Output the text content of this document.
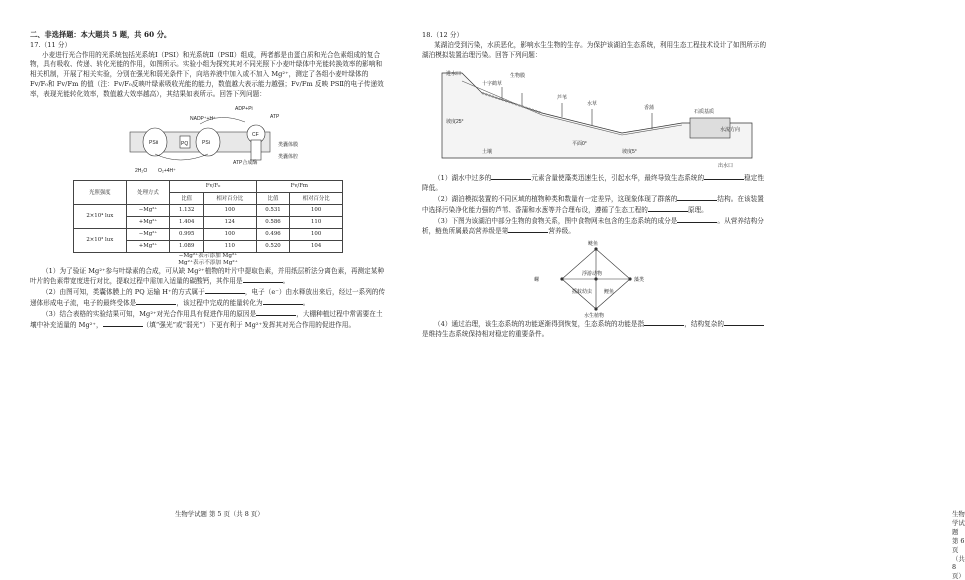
二、非选择题：本大题共 5 题，共 60 分。

17.（11 分）

小麦进行光合作用的光系统包括光系统Ⅰ（PSⅠ）和光系统Ⅱ（PSⅡ）组成，两者都是由蛋白质和光合色素组成的复合物，具有吸收、传递、转化光能的作用，如图所示。实验小组为探究其对不同光照下小麦叶绿体中光能转换效率的影响和相关机制，开展了相关实验，分别在强光和弱光条件下，向培养液中加入或不加入 Mg²⁺，测定了各组小麦叶绿体的 Fv/F₀和 Fv/Fm 的值（注：Fv/F₀反映叶绿素吸收光能的能力，数值越大表示能力越强；Fv/Fm 反映 PSⅡ的电子传递效率，表现光能转化效率，数值越大效率越高），其结果如表所示。回答下列问题：

PSⅡ	PSⅠ
PQ
CF
NADP⁺+H⁺
ADP+Pi
ATP
2H₂O O₂+4H⁺
ATP合成酶
类囊体膜
类囊体腔
光照强度	处理方式	Fv/F₀		Fv/Fm	
		比值	相对百分比	比值	相对百分比
2×10⁴ lux	−Mg²⁺	1.132	100	0.531	100
	+Mg²⁺	1.404	124	0.586	110
2×10³ lux	−Mg²⁺	0.995	100	0.496	100
	+Mg²⁺	1.089	110	0.520	104

−Mg²⁺表示添加 Mg²⁺

Mg²⁺表示不添加 Mg²⁺

（1）为了验证 Mg²⁺参与叶绿素的合成，可从缺 Mg²⁺植物的叶片中提取色素，并用纸层析法分离色素，再测定某种叶片的色素带宽度进行对比，提取过程中需加入适量的碳酸钙，其作用是	。

（2）由图可知，类囊体膜上的 PQ 运输 H⁺的方式属于	，电子（e⁻）由水释放出来后，经过一系列的传递体形成电子流，电子的最终受体是	，该过程中完成的能量转化为	。

（3）结合表格的实验结果可知，Mg²⁺对光合作用具有促进作用的原因是	，大棚种植过程中常需要在土壤中补充适量的 Mg²⁺，	（填“强光”或“弱光”）下更有利于 Mg²⁺发挥其对光合作用的促进作用。

生物学试题 第 5 页（共 8 页）

18.（12 分）

某湖泊受到污染，水质恶化，影响水生生物的生存。为保护该湖泊生态系统，利用生态工程技术设计了如图所示的湖泊模拟装置治理污染。回答下列问题：

进水口	生物膜
十字鹤草
芦苇
水草
香蒲
石质基质
坡度25°
平面0°
坡度5°
出水口
水流方向
土壤

（1）湖水中过多的	元素含量使藻类迅速生长，引起水华，最终导致生态系统的	稳定性降低。

（2）湖泊模拟装置的不同区域的植物种类和数量有一定差异，这现象体现了群落的	结构。在该装置中选择污染净化能力强的芦苇、香蒲和水葱等并合理布设，遵循了生态工程的	原理。

（3）下图为该湖泊中部分生物的食物关系，图中食物网未包含的生态系统的成分是	。从营养结构分析，鲢鱼所属最高营养级是第	营养级。

鲢鱼
螺	藻类
浮游动物
摇蚊幼虫 鲤鱼
水生植物

（4）通过治理，该生态系统的功能逐渐得到恢复，生态系统的功能是指	，结构复杂的是维持生态系统保持相对稳定的重要条件。

生物学试题 第 6 页（共 8 页）
